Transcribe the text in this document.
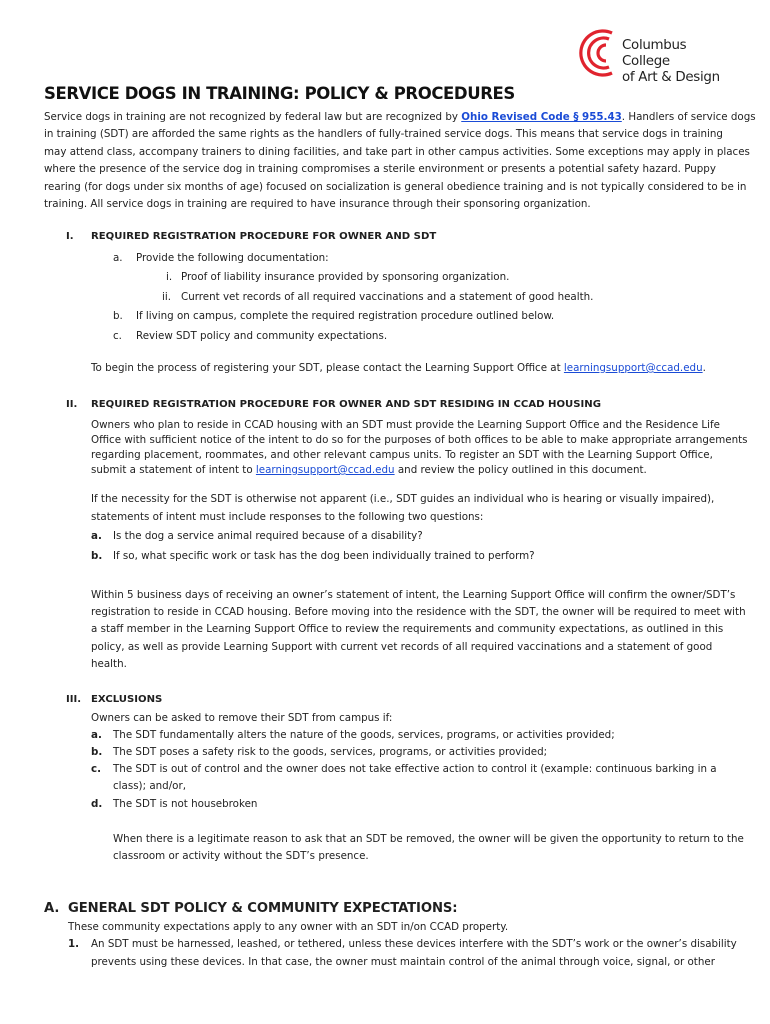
Columbus College
of Art & Design
SERVICE DOGS IN TRAINING: POLICY & PROCEDURES
Service dogs in training are not recognized by federal law but are recognized by Ohio Revised Code § 955.43. Handlers of service dogs
in training (SDT) are afforded the same rights as the handlers of fully-trained service dogs. This means that service dogs in training
may attend class, accompany trainers to dining facilities, and take part in other campus activities. Some exceptions may apply in places
where the presence of the service dog in training compromises a sterile environment or presents a potential safety hazard. Puppy
rearing (for dogs under six months of age) focused on socialization is general obedience training and is not typically considered to be in
training. All service dogs in training are required to have insurance through their sponsoring organization.
I. REQUIRED REGISTRATION PROCEDURE FOR OWNER AND SDT
a. Provide the following documentation:
i. Proof of liability insurance provided by sponsoring organization.
ii. Current vet records of all required vaccinations and a statement of good health.
b. If living on campus, complete the required registration procedure outlined below.
c. Review SDT policy and community expectations.
To begin the process of registering your SDT, please contact the Learning Support Office at learningsupport@ccad.edu.
II. REQUIRED REGISTRATION PROCEDURE FOR OWNER AND SDT RESIDING IN CCAD HOUSING
Owners who plan to reside in CCAD housing with an SDT must provide the Learning Support Office and the Residence Life
Office with sufficient notice of the intent to do so for the purposes of both offices to be able to make appropriate arrangements
regarding placement, roommates, and other relevant campus units. To register an SDT with the Learning Support Office,
submit a statement of intent to learningsupport@ccad.edu and review the policy outlined in this document.
If the necessity for the SDT is otherwise not apparent (i.e., SDT guides an individual who is hearing or visually impaired),
statements of intent must include responses to the following two questions:
a. Is the dog a service animal required because of a disability?
b. If so, what specific work or task has the dog been individually trained to perform?
Within 5 business days of receiving an owner’s statement of intent, the Learning Support Office will confirm the owner/SDT’s
registration to reside in CCAD housing. Before moving into the residence with the SDT, the owner will be required to meet with
a staff member in the Learning Support Office to review the requirements and community expectations, as outlined in this
policy, as well as provide Learning Support with current vet records of all required vaccinations and a statement of good
health.
III. EXCLUSIONS
Owners can be asked to remove their SDT from campus if:
a. The SDT fundamentally alters the nature of the goods, services, programs, or activities provided;
b. The SDT poses a safety risk to the goods, services, programs, or activities provided;
c. The SDT is out of control and the owner does not take effective action to control it (example: continuous barking in a
class); and/or,
d. The SDT is not housebroken
When there is a legitimate reason to ask that an SDT be removed, the owner will be given the opportunity to return to the
classroom or activity without the SDT’s presence.
A. GENERAL SDT POLICY & COMMUNITY EXPECTATIONS:
These community expectations apply to any owner with an SDT in/on CCAD property.
1. An SDT must be harnessed, leashed, or tethered, unless these devices interfere with the SDT’s work or the owner’s disability
prevents using these devices. In that case, the owner must maintain control of the animal through voice, signal, or other
